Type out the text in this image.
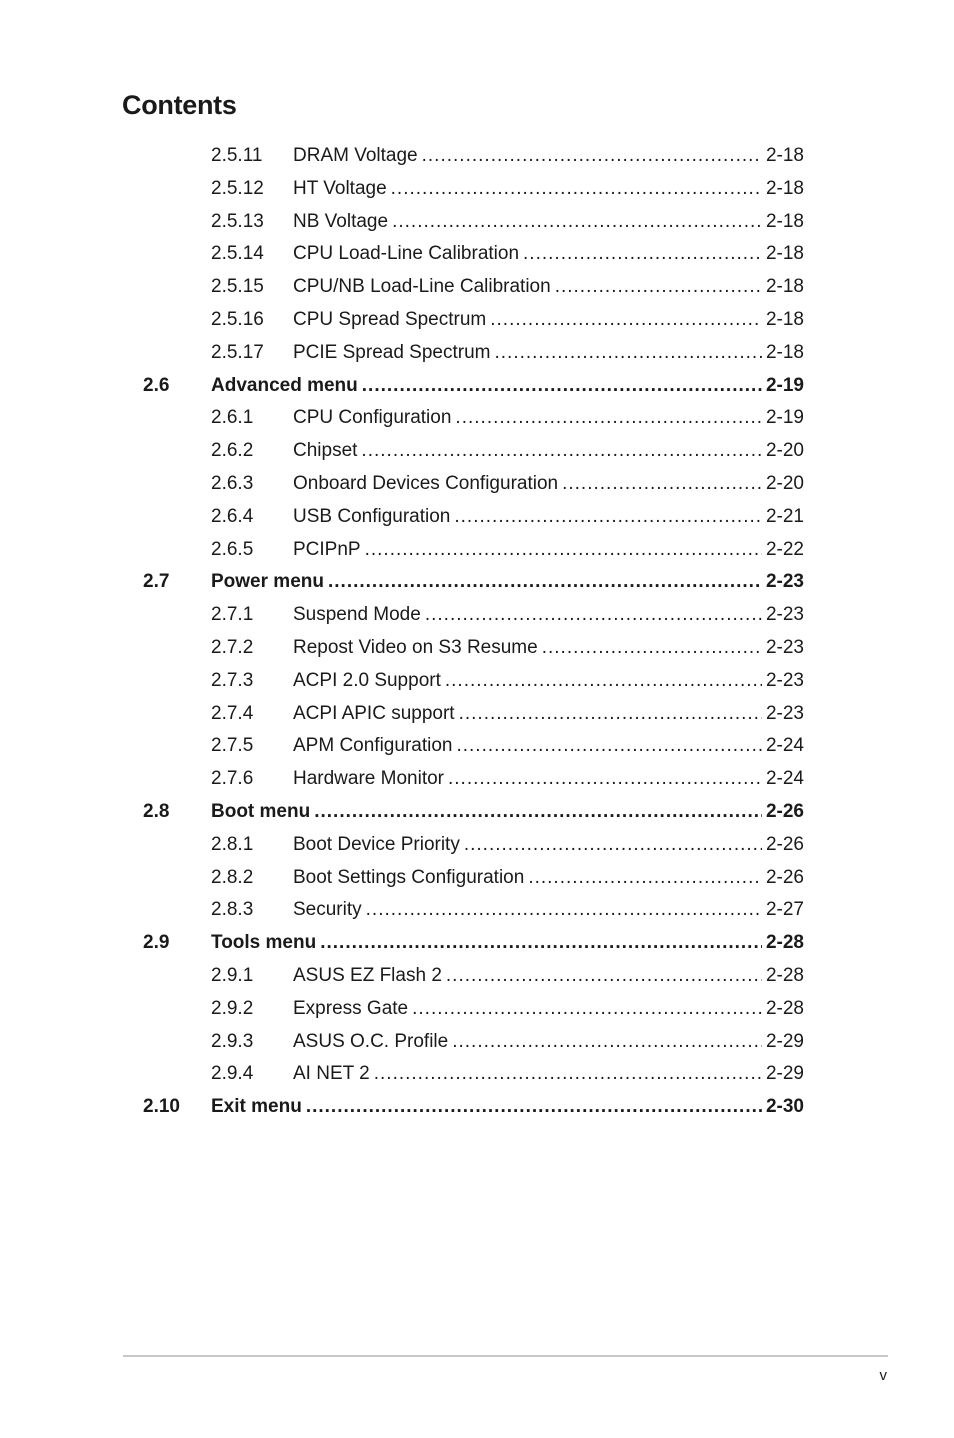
Contents
2.5.11 DRAM Voltage .....	2-18
2.5.12 HT Voltage .....	2-18
2.5.13 NB Voltage .....	2-18
2.5.14 CPU Load-Line Calibration .....	2-18
2.5.15 CPU/NB Load-Line Calibration .....	2-18
2.5.16 CPU Spread Spectrum .....	2-18
2.5.17 PCIE Spread Spectrum .....	2-18
2.6 Advanced menu .....	2-19
2.6.1 CPU Configuration .....	2-19
2.6.2 Chipset .....	2-20
2.6.3 Onboard Devices Configuration .....	2-20
2.6.4 USB Configuration .....	2-21
2.6.5 PCIPnP .....	2-22
2.7 Power menu .....	2-23
2.7.1 Suspend Mode .....	2-23
2.7.2 Repost Video on S3 Resume .....	2-23
2.7.3 ACPI 2.0 Support .....	2-23
2.7.4 ACPI APIC support .....	2-23
2.7.5 APM Configuration .....	2-24
2.7.6 Hardware Monitor .....	2-24
2.8 Boot menu .....	2-26
2.8.1 Boot Device Priority .....	2-26
2.8.2 Boot Settings Configuration .....	2-26
2.8.3 Security .....	2-27
2.9 Tools menu .....	2-28
2.9.1 ASUS EZ Flash 2 .....	2-28
2.9.2 Express Gate .....	2-28
2.9.3 ASUS O.C. Profile .....	2-29
2.9.4 AI NET 2 .....	2-29
2.10 Exit menu .....	2-30
v
